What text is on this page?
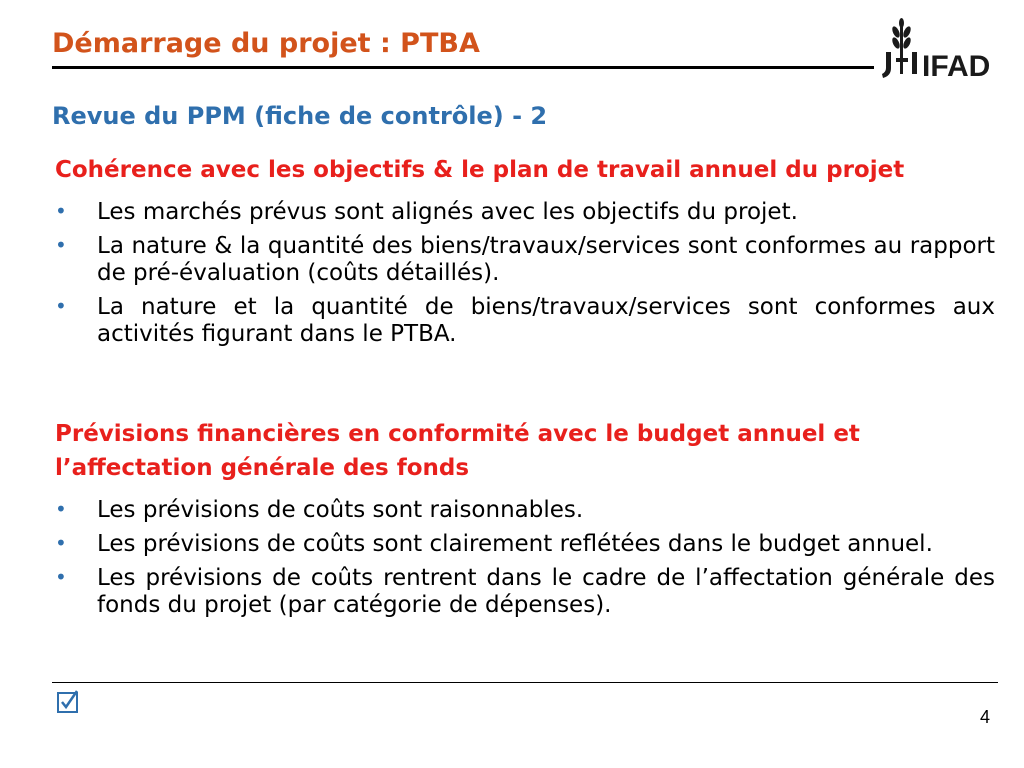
Démarrage du projet : PTBA
IFAD
Revue du PPM (fiche de contrôle) - 2
Cohérence avec les objectifs & le plan de travail annuel du projet
• Les marchés prévus sont alignés avec les objectifs du projet.
• La nature & la quantité des biens/travaux/services sont conformes au rapport de pré-évaluation (coûts détaillés).
• La nature et la quantité de biens/travaux/services sont conformes aux activités figurant dans le PTBA.
Prévisions financières en conformité avec le budget annuel et l’affectation générale des fonds
• Les prévisions de coûts sont raisonnables.
• Les prévisions de coûts sont clairement reflétées dans le budget annuel.
• Les prévisions de coûts rentrent dans le cadre de l’affectation générale des fonds du projet (par catégorie de dépenses).
4
